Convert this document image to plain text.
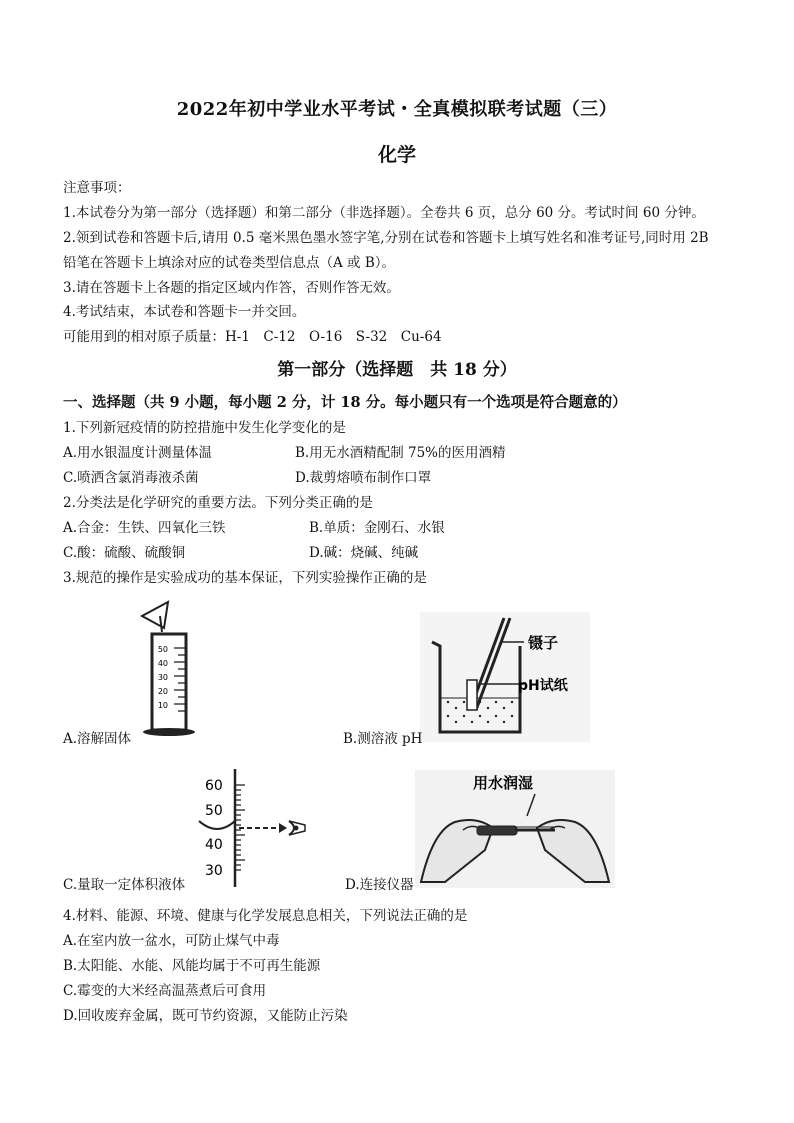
2022年初中学业水平考试・全真模拟联考试题（三）
化学
注意事项：
1.本试卷分为第一部分（选择题）和第二部分（非选择题）。全卷共 6 页，总分 60 分。考试时间 60 分钟。
2.领到试卷和答题卡后,请用 0.5 毫米黑色墨水签字笔,分别在试卷和答题卡上填写姓名和准考证号,同时用 2B
铅笔在答题卡上填涂对应的试卷类型信息点（A 或 B）。
3.请在答题卡上各题的指定区域内作答，否则作答无效。
4.考试结束，本试卷和答题卡一并交回。
可能用到的相对原子质量：H-1　C-12　O-16　S-32　Cu-64
第一部分（选择题　共 18 分）
一、选择题（共 9 小题，每小题 2 分，计 18 分。每小题只有一个选项是符合题意的）
1.下列新冠疫情的防控措施中发生化学变化的是
A.用水银温度计测量体温	B.用无水酒精配制 75%的医用酒精
C.喷洒含氯消毒液杀菌	D.裁剪熔喷布制作口罩
2.分类法是化学研究的重要方法。下列分类正确的是
A.合金：生铁、四氧化三铁	B.单质：金刚石、水银
C.酸：硫酸、硫酸铜	D.碱：烧碱、纯碱
3.规范的操作是实验成功的基本保证，下列实验操作正确的是
50
40
30
20
10
A.溶解固体
镊子
pH试纸
B.测溶液 pH
60
50
40
30
C.量取一定体积液体
用水润湿
D.连接仪器
4.材料、能源、环境、健康与化学发展息息相关，下列说法正确的是
A.在室内放一盆水，可防止煤气中毒
B.太阳能、水能、风能均属于不可再生能源
C.霉变的大米经高温蒸煮后可食用
D.回收废弃金属，既可节约资源，又能防止污染
